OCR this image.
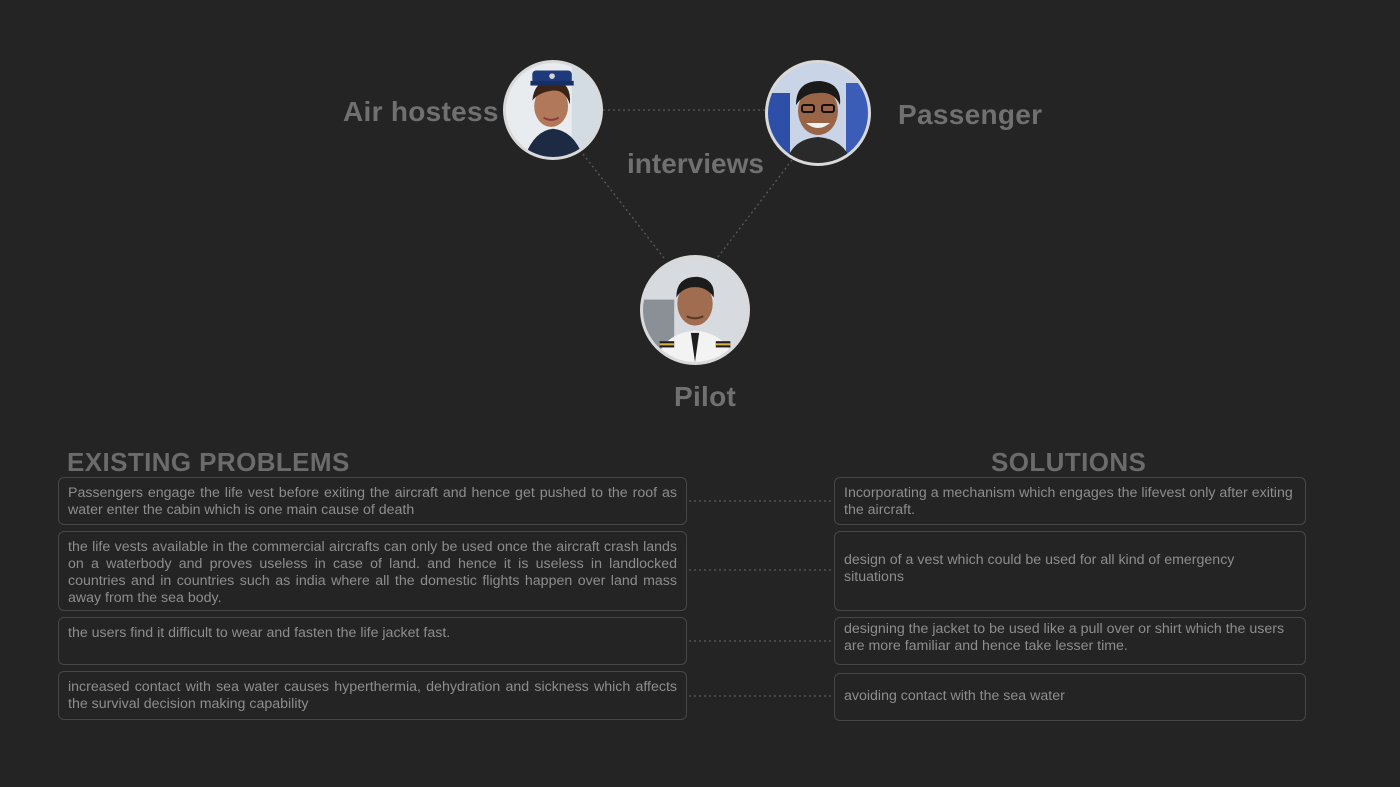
Air hostess	Passenger
Pilot
interviews
EXISTING PROBLEMS	SOLUTIONS
Passengers engage the life vest before exiting the aircraft and hence get pushed to the roof as water enter the cabin which is one main cause of death
the life vests available in the commercial aircrafts can only be used once the aircraft crash lands on a waterbody and proves useless in case of land. and hence it is useless in landlocked countries and in countries such as india where all the domestic flights happen over land mass away from the sea body.
the users find it difficult to wear and fasten the life jacket fast.
increased contact with sea water causes hyperthermia, dehydration and sickness which affects the survival decision making capability
Incorporating a mechanism which engages the lifevest only after exiting the aircraft.
design of a vest which could be used for all kind of emergency situations
designing the jacket to be used like a pull over or shirt which the users are more familiar and hence take lesser time.
avoiding contact with the sea water
